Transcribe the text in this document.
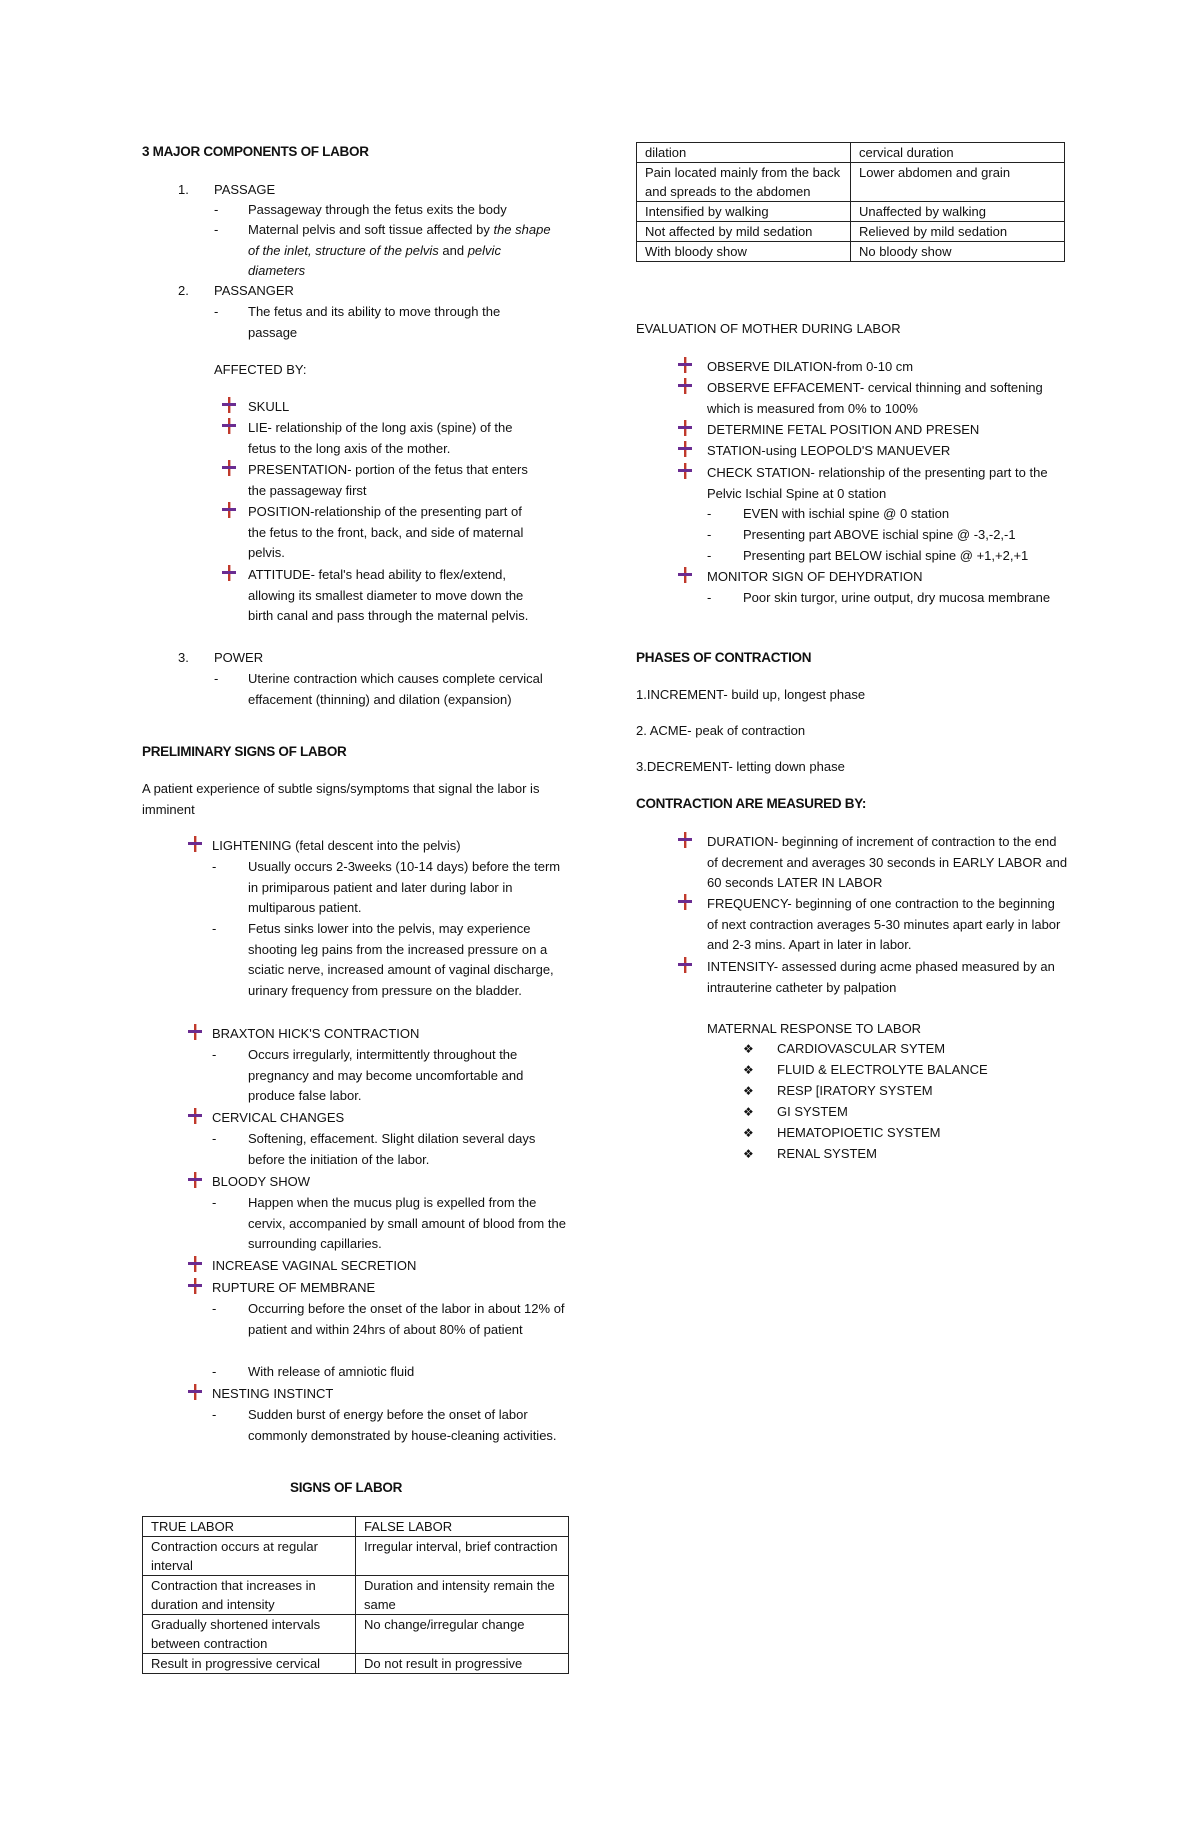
3 MAJOR COMPONENTS OF LABOR
1. PASSAGE
- Passageway through the fetus exits the body
- Maternal pelvis and soft tissue affected by the shape of the inlet, structure of the pelvis and pelvic diameters
2. PASSANGER
- The fetus and its ability to move through the passage
AFFECTED BY:
SKULL
LIE- relationship of the long axis (spine) of the fetus to the long axis of the mother.
PRESENTATION- portion of the fetus that enters the passageway first
POSITION-relationship of the presenting part of the fetus to the front, back, and side of maternal pelvis.
ATTITUDE- fetal's head ability to flex/extend, allowing its smallest diameter to move down the birth canal and pass through the maternal pelvis.
3. POWER
- Uterine contraction which causes complete cervical effacement (thinning) and dilation (expansion)
PRELIMINARY SIGNS OF LABOR
A patient experience of subtle signs/symptoms that signal the labor is imminent
LIGHTENING (fetal descent into the pelvis)
- Usually occurs 2-3weeks (10-14 days) before the term in primiparous patient and later during labor in multiparous patient.
- Fetus sinks lower into the pelvis, may experience shooting leg pains from the increased pressure on a sciatic nerve, increased amount of vaginal discharge, urinary frequency from pressure on the bladder.
BRAXTON HICK'S CONTRACTION
- Occurs irregularly, intermittently throughout the pregnancy and may become uncomfortable and produce false labor.
CERVICAL CHANGES
- Softening, effacement. Slight dilation several days before the initiation of the labor.
BLOODY SHOW
- Happen when the mucus plug is expelled from the cervix, accompanied by small amount of blood from the surrounding capillaries.
INCREASE VAGINAL SECRETION
RUPTURE OF MEMBRANE
- Occurring before the onset of the labor in about 12% of patient and within 24hrs of about 80% of patient
- With release of amniotic fluid
NESTING INSTINCT
- Sudden burst of energy before the onset of labor commonly demonstrated by house-cleaning activities.
SIGNS OF LABOR
TRUE LABOR	FALSE LABOR
Contraction occurs at regular interval	Irregular interval, brief contraction
Contraction that increases in duration and intensity	Duration and intensity remain the same
Gradually shortened intervals between contraction	No change/irregular change
Result in progressive cervical	Do not result in progressive
dilation	cervical duration
Pain located mainly from the back and spreads to the abdomen	Lower abdomen and grain
Intensified by walking	Unaffected by walking
Not affected by mild sedation	Relieved by mild sedation
With bloody show	No bloody show
EVALUATION OF MOTHER DURING LABOR
OBSERVE DILATION-from 0-10 cm
OBSERVE EFFACEMENT- cervical thinning and softening which is measured from 0% to 100%
DETERMINE FETAL POSITION AND PRESEN
STATION-using LEOPOLD'S MANUEVER
CHECK STATION- relationship of the presenting part to the Pelvic Ischial Spine at 0 station
- EVEN with ischial spine @ 0 station
- Presenting part ABOVE ischial spine @ -3,-2,-1
- Presenting part BELOW ischial spine @ +1,+2,+1
MONITOR SIGN OF DEHYDRATION
- Poor skin turgor, urine output, dry mucosa membrane
PHASES OF CONTRACTION
1.INCREMENT- build up, longest phase
2. ACME- peak of contraction
3.DECREMENT- letting down phase
CONTRACTION ARE MEASURED BY:
DURATION- beginning of increment of contraction to the end of decrement and averages 30 seconds in EARLY LABOR and 60 seconds LATER IN LABOR
FREQUENCY- beginning of one contraction to the beginning of next contraction averages 5-30 minutes apart early in labor and 2-3 mins. Apart in later in labor.
INTENSITY- assessed during acme phased measured by an intrauterine catheter by palpation
MATERNAL RESPONSE TO LABOR
❖ CARDIOVASCULAR SYTEM
❖ FLUID & ELECTROLYTE BALANCE
❖ RESP [IRATORY SYSTEM
❖ GI SYSTEM
❖ HEMATOPIOETIC SYSTEM
❖ RENAL SYSTEM
